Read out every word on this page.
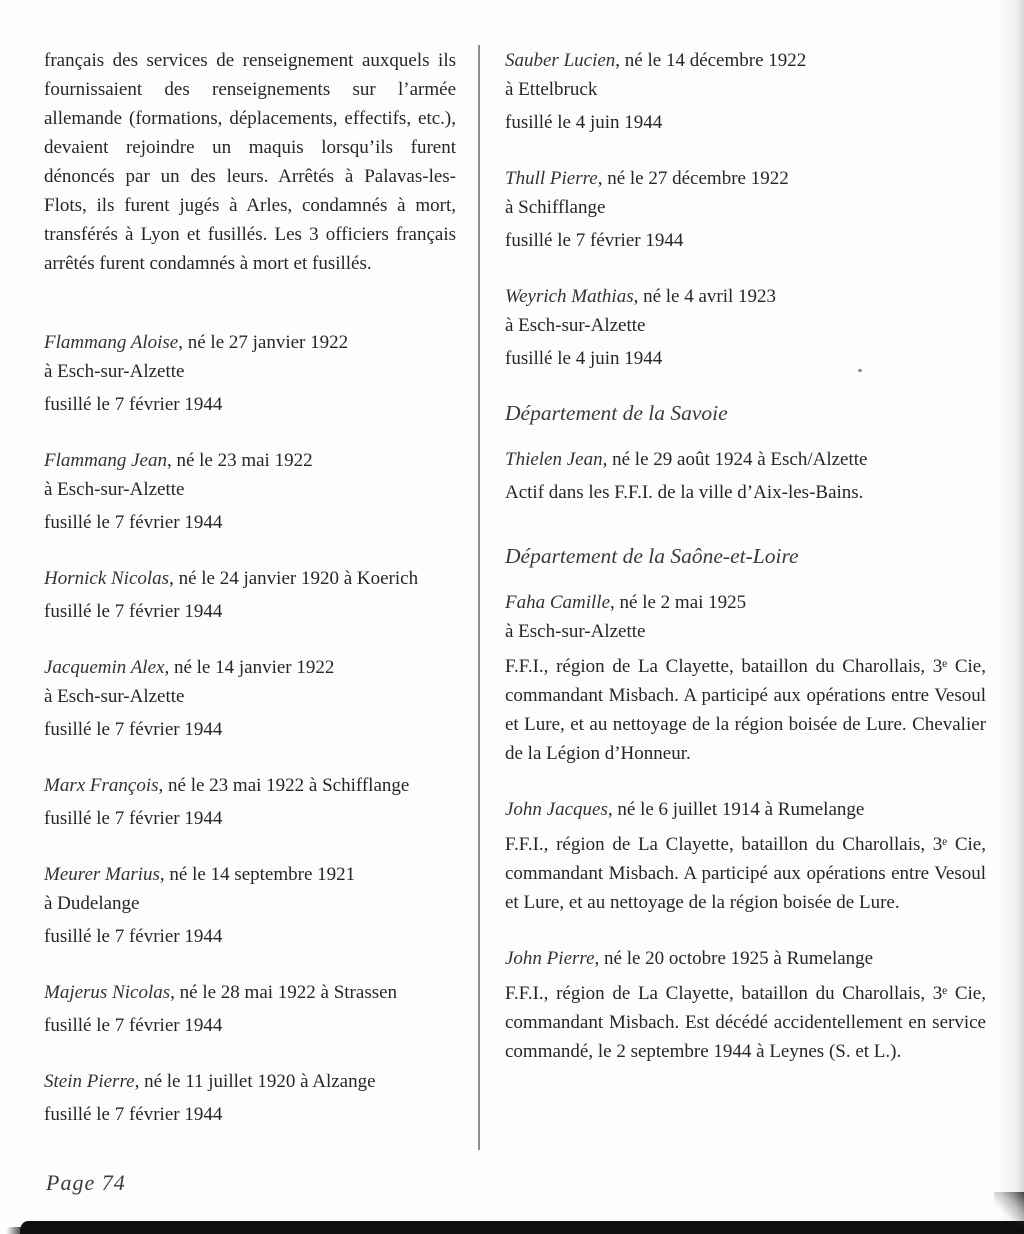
français des services de renseignement auxquels ils fournissaient des renseignements sur l’armée allemande (formations, déplacements, effectifs, etc.), devaient rejoindre un maquis lorsqu’ils furent dénoncés par un des leurs. Arrêtés à Palavas-les-Flots, ils furent jugés à Arles, condamnés à mort, transférés à Lyon et fusillés. Les 3 officiers français arrêtés furent condamnés à mort et fusillés.

Flammang Aloise, né le 27 janvier 1922

à Esch-sur-Alzette

fusillé le 7 février 1944

Flammang Jean, né le 23 mai 1922

à Esch-sur-Alzette

fusillé le 7 février 1944

Hornick Nicolas, né le 24 janvier 1920 à Koerich

fusillé le 7 février 1944

Jacquemin Alex, né le 14 janvier 1922

à Esch-sur-Alzette

fusillé le 7 février 1944

Marx François, né le 23 mai 1922 à Schifflange

fusillé le 7 février 1944

Meurer Marius, né le 14 septembre 1921

à Dudelange

fusillé le 7 février 1944

Majerus Nicolas, né le 28 mai 1922 à Strassen

fusillé le 7 février 1944

Stein Pierre, né le 11 juillet 1920 à Alzange

fusillé le 7 février 1944

Sauber Lucien, né le 14 décembre 1922

à Ettelbruck

fusillé le 4 juin 1944

Thull Pierre, né le 27 décembre 1922

à Schifflange

fusillé le 7 février 1944

Weyrich Mathias, né le 4 avril 1923

à Esch-sur-Alzette

fusillé le 4 juin 1944

Département de la Savoie

Thielen Jean, né le 29 août 1924 à Esch/Alzette

Actif dans les F.F.I. de la ville d’Aix-les-Bains.

Département de la Saône-et-Loire

Faha Camille, né le 2 mai 1925

à Esch-sur-Alzette

F.F.I., région de La Clayette, bataillon du Charollais, 3ᵉ Cie, commandant Misbach. A participé aux opérations entre Vesoul et Lure, et au nettoyage de la région boisée de Lure. Chevalier de la Légion d’Honneur.

John Jacques, né le 6 juillet 1914 à Rumelange

F.F.I., région de La Clayette, bataillon du Charollais, 3ᵉ Cie, commandant Misbach. A participé aux opérations entre Vesoul et Lure, et au nettoyage de la région boisée de Lure.

John Pierre, né le 20 octobre 1925 à Rumelange

F.F.I., région de La Clayette, bataillon du Charollais, 3ᵉ Cie, commandant Misbach. Est décédé accidentellement en service commandé, le 2 septembre 1944 à Leynes (S. et L.).

Page 74
